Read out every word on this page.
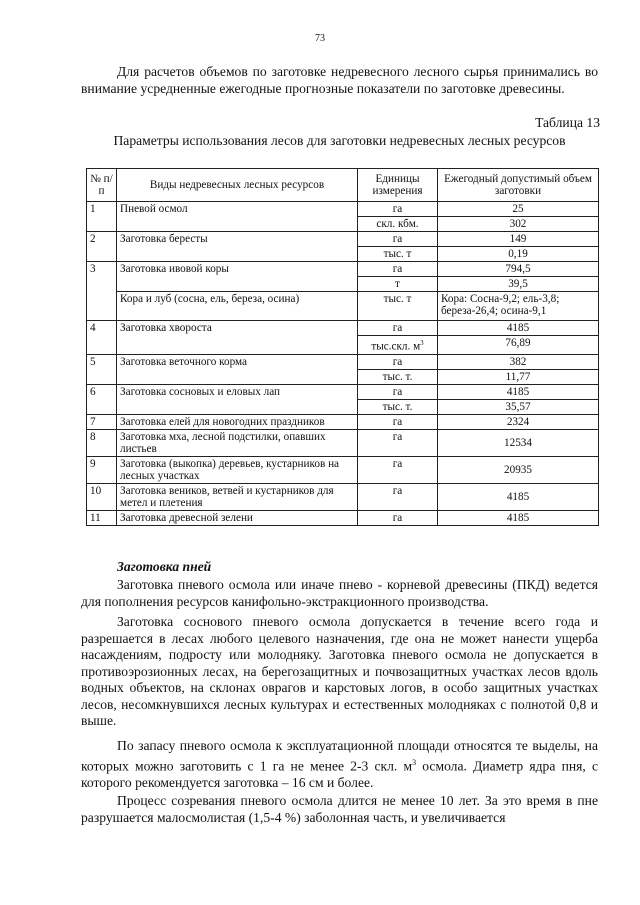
73

Для расчетов объемов по заготовке недревесного лесного сырья принимались во внимание усредненные ежегодные прогнозные показатели по заготовке древесины.

Таблица 13
Параметры использования лесов для заготовки недревесных лесных ресурсов
№ п/п	Виды недревесных лесных ресурсов	Единицы измерения	Ежегодный допустимый объем заготовки
1	Пневой осмол	га	25
		скл. кбм.	302
2	Заготовка бересты	га	149
		тыс. т	0,19
3	Заготовка ивовой коры	га	794,5
		т	39,5
	Кора и луб (сосна, ель, береза, осина)	тыс. т	Кора: Сосна-9,2; ель-3,8; береза-26,4; осина-9,1
4	Заготовка хвороста	га	4185
		тыс.скл. $м^3$	76,89
5	Заготовка веточного корма	га	382
		тыс. т.	11,77
6	Заготовка сосновых и еловых лап	га	4185
		тыс. т.	35,57
7	Заготовка елей для новогодних праздников	га	2324
8	Заготовка мха, лесной подстилки, опавших листьев	га	12534
9	Заготовка (выкопка) деревьев, кустарников на лесных участках	га	20935
10	Заготовка веников, ветвей и кустарников для метел и плетения	га	4185
11	Заготовка древесной зелени	га	4185
Заготовка пней

Заготовка пневого осмола или иначе пнево - корневой древесины (ПКД) ведется для пополнения ресурсов канифольно-экстракционного производства.

Заготовка соснового пневого осмола допускается в течение всего года и разрешается в лесах любого целевого назначения, где она не может нанести ущерба насаждениям, подросту или молодняку. Заготовка пневого осмола не допускается в противоэрозионных лесах, на берегозащитных и почвозащитных участках лесов вдоль водных объектов, на склонах оврагов и карстовых логов, в особо защитных участках лесов, несомкнувшихся лесных культурах и естественных молодняках с полнотой 0,8 и выше.

По запасу пневого осмола к эксплуатационной площади относятся те выделы, на которых можно заготовить с 1 га не менее 2-3 скл. $м^3$ осмола. Диаметр ядра пня, с которого рекомендуется заготовка – 16 см и более.

Процесс созревания пневого осмола длится не менее 10 лет. За это время в пне разрушается малосмолистая (1,5-4 %) заболонная часть, и увеличивается
